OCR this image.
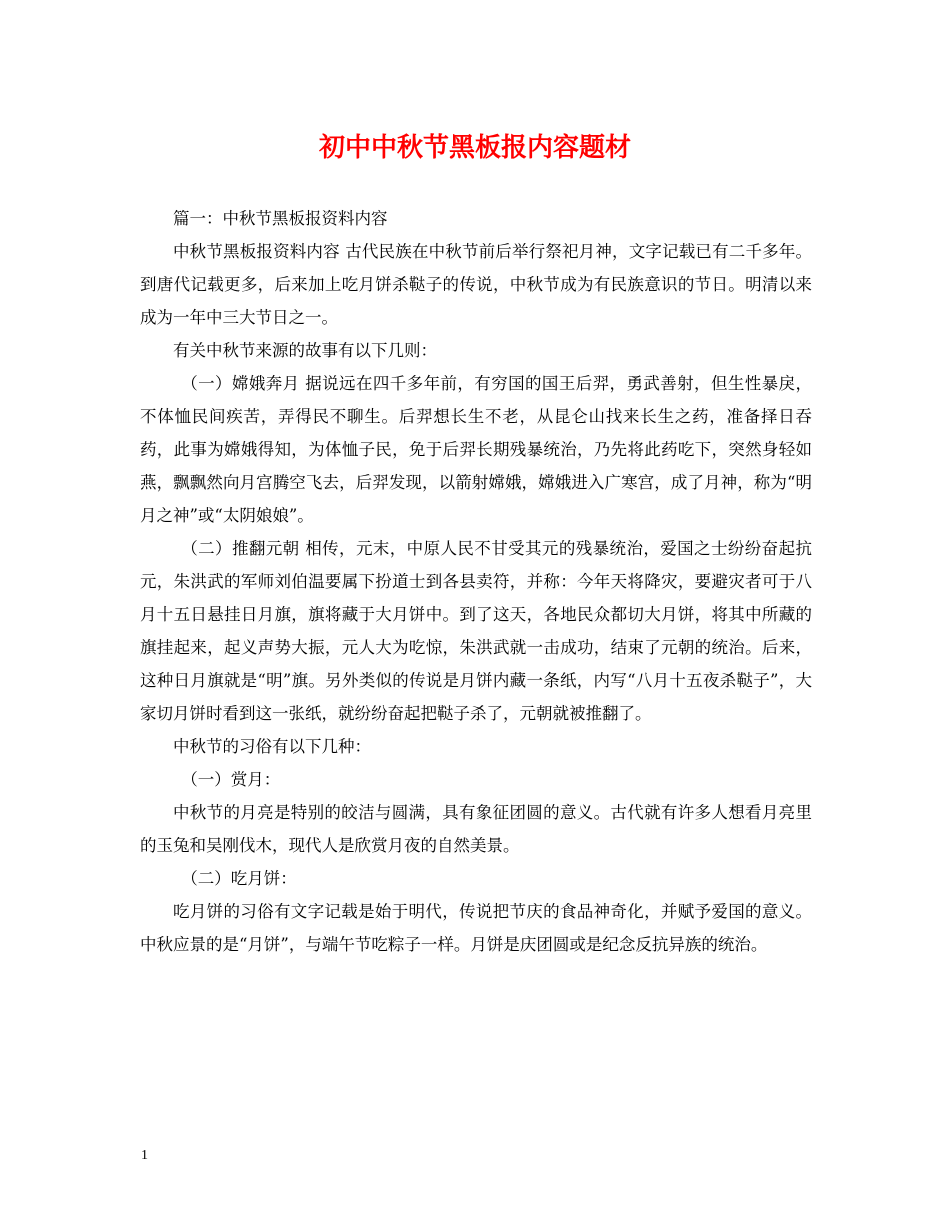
初中中秋节黑板报内容题材

篇一：中秋节黑板报资料内容

中秋节黑板报资料内容 古代民族在中秋节前后举行祭祀月神，文字记载已有二千多年。到唐代记载更多，后来加上吃月饼杀鞑子的传说，中秋节成为有民族意识的节日。明清以来成为一年中三大节日之一。

有关中秋节来源的故事有以下几则：

（一）嫦娥奔月 据说远在四千多年前，有穷国的国王后羿，勇武善射，但生性暴戾，不体恤民间疾苦，弄得民不聊生。后羿想长生不老，从昆仑山找来长生之药，准备择日吞药，此事为嫦娥得知，为体恤子民，免于后羿长期残暴统治，乃先将此药吃下，突然身轻如燕，飘飘然向月宫腾空飞去，后羿发现，以箭射嫦娥，嫦娥进入广寒宫，成了月神，称为“明月之神”或“太阴娘娘”。

（二）推翻元朝 相传，元末，中原人民不甘受其元的残暴统治，爱国之士纷纷奋起抗元，朱洪武的军师刘伯温要属下扮道士到各县卖符，并称：今年天将降灾，要避灾者可于八月十五日悬挂日月旗，旗将藏于大月饼中。到了这天，各地民众都切大月饼，将其中所藏的旗挂起来，起义声势大振，元人大为吃惊，朱洪武就一击成功，结束了元朝的统治。后来，这种日月旗就是“明”旗。另外类似的传说是月饼内藏一条纸，内写“八月十五夜杀鞑子”，大家切月饼时看到这一张纸，就纷纷奋起把鞑子杀了，元朝就被推翻了。

中秋节的习俗有以下几种：

（一）赏月：

中秋节的月亮是特别的皎洁与圆满，具有象征团圆的意义。古代就有许多人想看月亮里的玉兔和吴刚伐木，现代人是欣赏月夜的自然美景。

（二）吃月饼：

吃月饼的习俗有文字记载是始于明代，传说把节庆的食品神奇化，并赋予爱国的意义。 中秋应景的是“月饼”，与端午节吃粽子一样。月饼是庆团圆或是纪念反抗异族的统治。

1
